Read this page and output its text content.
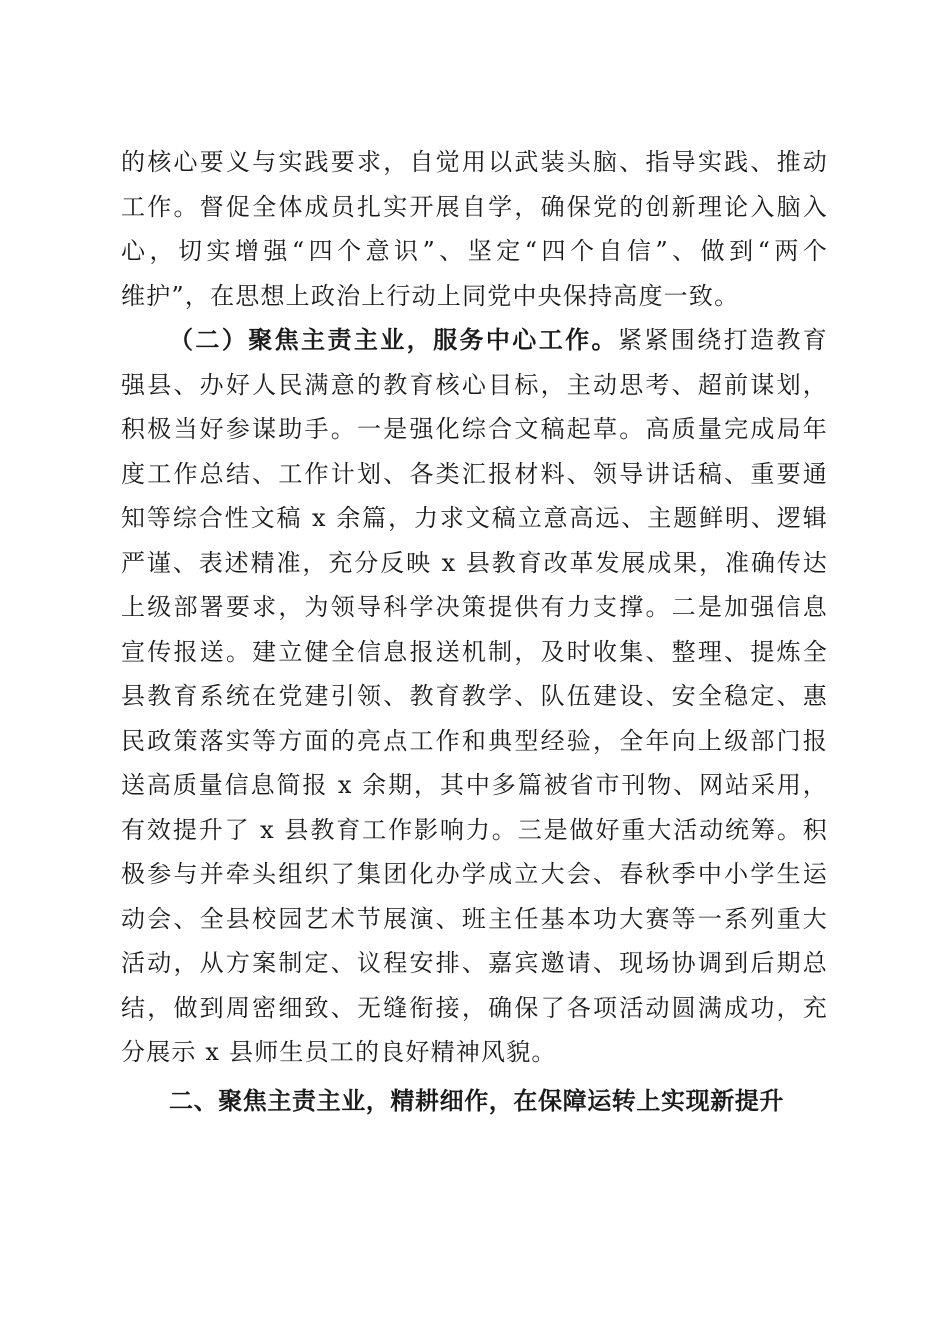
的核心要义与实践要求，自觉用以武装头脑、指导实践、推动
工作。督促全体成员扎实开展自学，确保党的创新理论入脑入
心，切实增强“四个意识”、坚定“四个自信”、做到“两个
维护”，在思想上政治上行动上同党中央保持高度一致。

（二）聚焦主责主业，服务中心工作。紧紧围绕打造教育
强县、办好人民满意的教育核心目标，主动思考、超前谋划，
积极当好参谋助手。一是强化综合文稿起草。高质量完成局年
度工作总结、工作计划、各类汇报材料、领导讲话稿、重要通
知等综合性文稿 x 余篇，力求文稿立意高远、主题鲜明、逻辑
严谨、表述精准，充分反映 x 县教育改革发展成果，准确传达
上级部署要求，为领导科学决策提供有力支撑。二是加强信息
宣传报送。建立健全信息报送机制，及时收集、整理、提炼全
县教育系统在党建引领、教育教学、队伍建设、安全稳定、惠
民政策落实等方面的亮点工作和典型经验，全年向上级部门报
送高质量信息简报 x 余期，其中多篇被省市刊物、网站采用，
有效提升了 x 县教育工作影响力。三是做好重大活动统筹。积
极参与并牵头组织了集团化办学成立大会、春秋季中小学生运
动会、全县校园艺术节展演、班主任基本功大赛等一系列重大
活动，从方案制定、议程安排、嘉宾邀请、现场协调到后期总
结，做到周密细致、无缝衔接，确保了各项活动圆满成功，充
分展示 x 县师生员工的良好精神风貌。

二、聚焦主责主业，精耕细作，在保障运转上实现新提升
